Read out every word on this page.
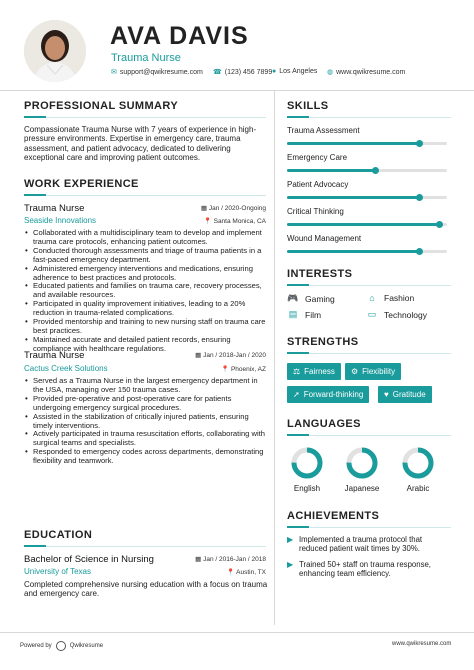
AVA DAVIS
Trauma Nurse
✉ support@qwikresume.com ☎ (123) 456 7899 ● Los Angeles ◍ www.qwikresume.com
PROFESSIONAL SUMMARY
Compassionate Trauma Nurse with 7 years of experience in high-pressure environments. Expertise in emergency care, trauma assessment, and patient advocacy, dedicated to delivering exceptional care and improving patient outcomes.
WORK EXPERIENCE
Trauma Nurse	▦ Jan / 2020-Ongoing
Seaside Innovations	📍 Santa Monica, CA
• Collaborated with a multidisciplinary team to develop and implement trauma care protocols, enhancing patient outcomes.
• Conducted thorough assessments and triage of trauma patients in a fast-paced emergency department.
• Administered emergency interventions and medications, ensuring adherence to best practices and protocols.
• Educated patients and families on trauma care, recovery processes, and available resources.
• Participated in quality improvement initiatives, leading to a 20% reduction in trauma-related complications.
• Provided mentorship and training to new nursing staff on trauma care best practices.
• Maintained accurate and detailed patient records, ensuring compliance with healthcare regulations.
Trauma Nurse	▦ Jan / 2018-Jan / 2020
Cactus Creek Solutions	📍 Phoenix, AZ
• Served as a Trauma Nurse in the largest emergency department in the USA, managing over 150 trauma cases.
• Provided pre-operative and post-operative care for patients undergoing emergency surgical procedures.
• Assisted in the stabilization of critically injured patients, ensuring timely interventions.
• Actively participated in trauma resuscitation efforts, collaborating with surgical teams and specialists.
• Responded to emergency codes across departments, demonstrating flexibility and teamwork.
EDUCATION
Bachelor of Science in Nursing	▦ Jan / 2016-Jan / 2018
University of Texas	📍 Austin, TX
Completed comprehensive nursing education with a focus on trauma and emergency care.
SKILLS
Trauma Assessment
Emergency Care
Patient Advocacy
Critical Thinking
Wound Management
INTERESTS
🎮 Gaming	⌂	Fashion
▤ Film	▭ Technology
STRENGTHS
⚖ Fairness ⚙ Flexibility
➚ Forward-thinking	♥ Gratitude
LANGUAGES
English	Japanese	Arabic
ACHIEVEMENTS
▶ Implemented a trauma protocol that reduced patient wait times by 30%.
▶ Trained 50+ staff on trauma response, enhancing team efficiency.
Powered by	Qwikresume	www.qwikresume.com
